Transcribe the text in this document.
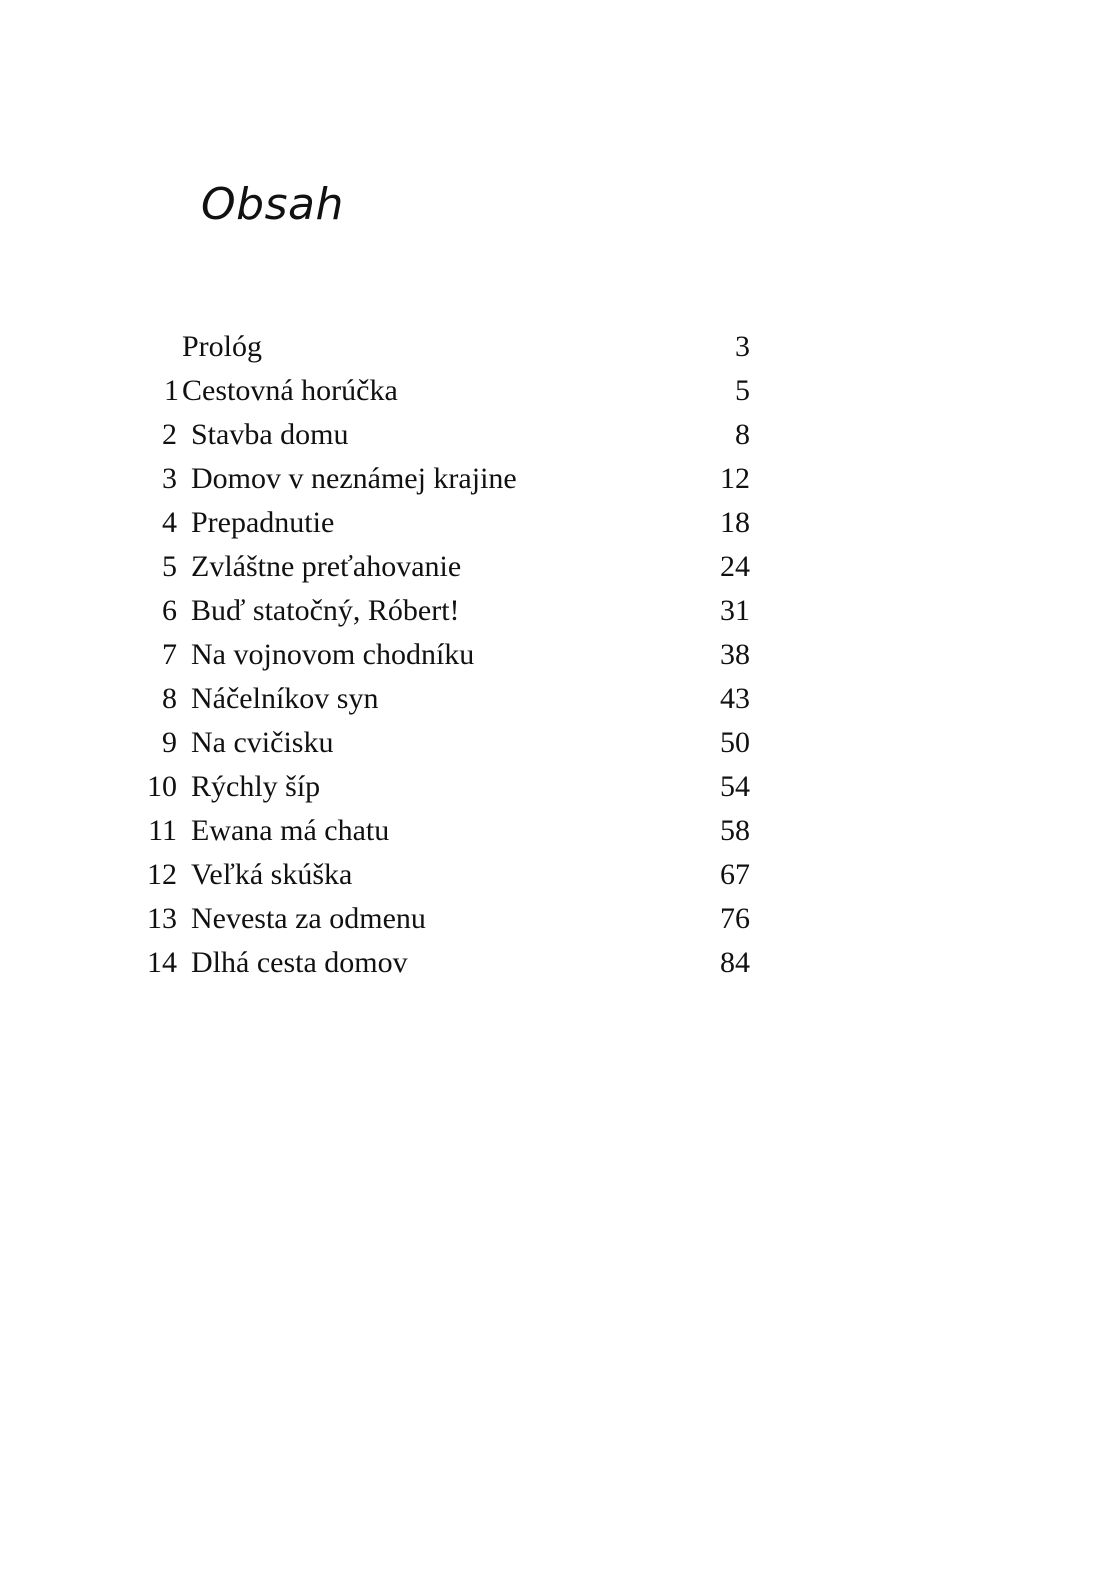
Obsah
Prológ	3
1 Cestovná horúčka	5
2 Stavba domu	8
3 Domov v neznámej krajine	12
4 Prepadnutie	18
5 Zvláštne preťahovanie	24
6 Buď statočný, Róbert!	31
7 Na vojnovom chodníku	38
8 Náčelníkov syn	43
9 Na cvičisku	50
10 Rýchly šíp	54
11 Ewana má chatu	58
12 Veľká skúška	67
13 Nevesta za odmenu	76
14 Dlhá cesta domov	84
